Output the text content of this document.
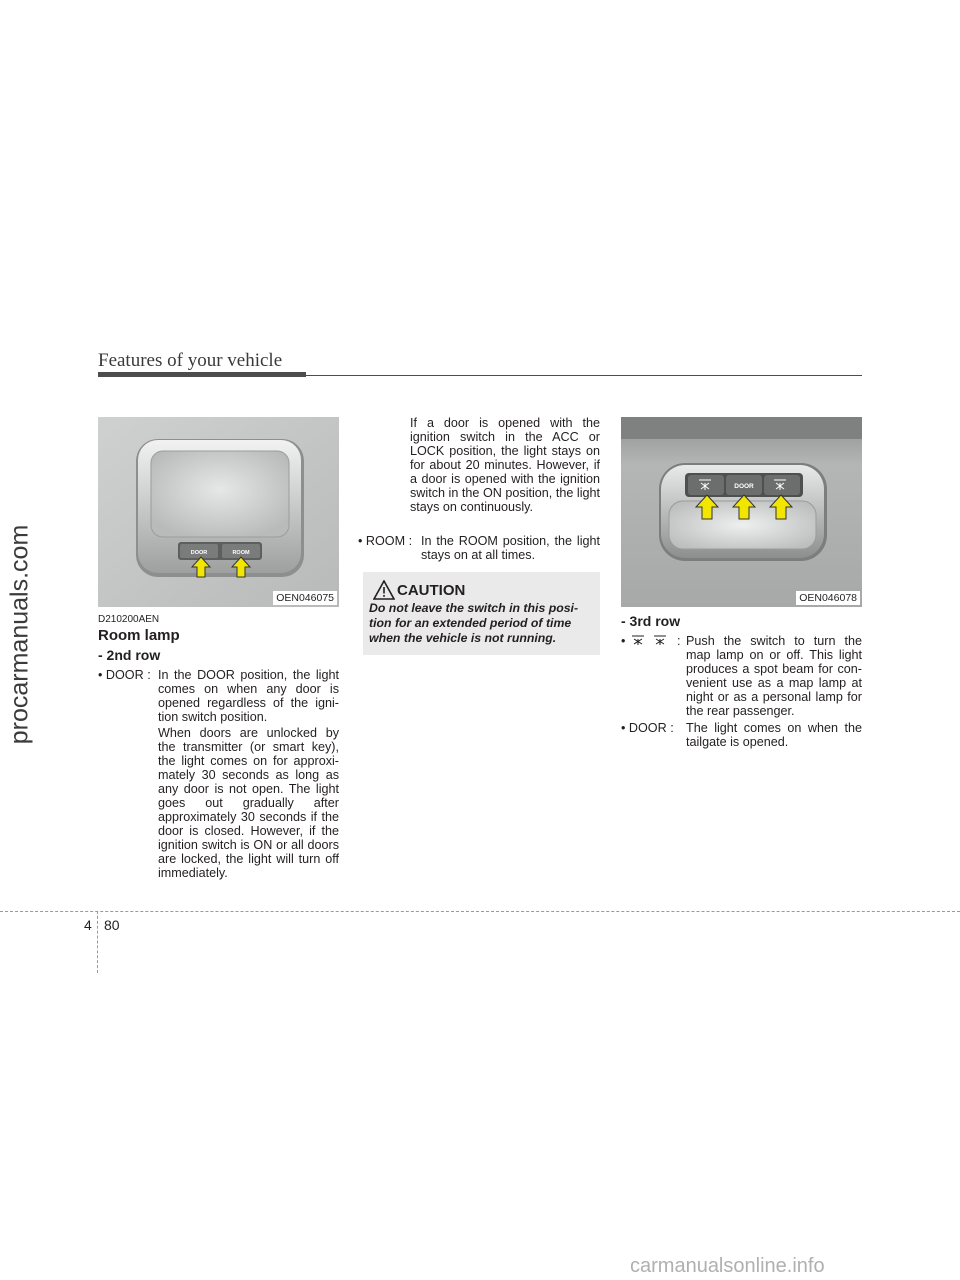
Features of your vehicle
procarmanuals.com	DOOR	ROOM
OEN046075
D210200AEN
Room lamp
- 2nd row
• DOOR : In the DOOR position, the light comes on when any door is opened regardless of the igni-tion switch position.
When doors are unlocked by the transmitter (or smart key), the light comes on for approxi-mately 30 seconds as long as any door is not open. The light goes out gradually after approximately 30 seconds if the door is closed. However, if the ignition switch is ON or all doors are locked, the light will turn off immediately.
If a door is opened with the ignition switch in the ACC or LOCK position, the light stays on for about 20 minutes. However, if a door is opened with the ignition switch in the ON position, the light stays on continuously.
• ROOM : In the ROOM position, the light stays on at all times.
CAUTION
Do not leave the switch in this posi-tion for an extended period of time when the vehicle is not running.
DOOR
OEN046078
- 3rd row
•	: Push the switch to turn the map lamp on or off. This light produces a spot beam for con-venient use as a map lamp at night or as a personal lamp for the rear passenger.
• DOOR : The light comes on when the tailgate is opened.
4 80
carmanualsonline.info
